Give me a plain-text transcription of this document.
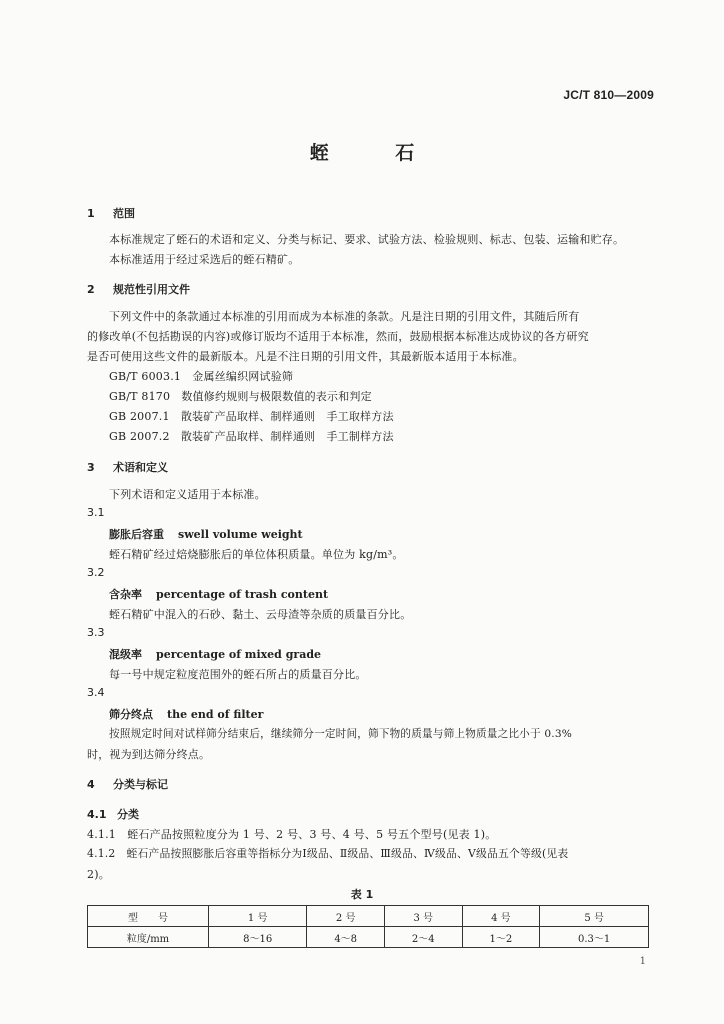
JC/T 810—2009
蛭 石
1 范围
本标准规定了蛭石的术语和定义、分类与标记、要求、试验方法、检验规则、标志、包装、运输和贮存。
本标准适用于经过采选后的蛭石精矿。
2 规范性引用文件
下列文件中的条款通过本标准的引用而成为本标准的条款。凡是注日期的引用文件，其随后所有
的修改单(不包括勘误的内容)或修订版均不适用于本标准，然而，鼓励根据本标准达成协议的各方研究
是否可使用这些文件的最新版本。凡是不注日期的引用文件，其最新版本适用于本标准。
GB/T 6003.1　金属丝编织网试验筛
GB/T 8170　数值修约规则与极限数值的表示和判定
GB 2007.1　散装矿产品取样、制样通则　手工取样方法
GB 2007.2　散装矿产品取样、制样通则　手工制样方法
3 术语和定义
下列术语和定义适用于本标准。
3.1
膨胀后容重 swell volume weight
蛭石精矿经过焙烧膨胀后的单位体积质量。单位为 kg/m³。
3.2
含杂率 percentage of trash content
蛭石精矿中混入的石砂、黏土、云母渣等杂质的质量百分比。
3.3
混级率 percentage of mixed grade
每一号中规定粒度范围外的蛭石所占的质量百分比。
3.4
筛分终点 the end of filter
按照规定时间对试样筛分结束后，继续筛分一定时间，筛下物的质量与筛上物质量之比小于 0.3%
时，视为到达筛分终点。
4 分类与标记
4.1 分类
4.1.1　蛭石产品按照粒度分为 1 号、2 号、3 号、4 号、5 号五个型号(见表 1)。
4.1.2　蛭石产品按照膨胀后容重等指标分为Ⅰ级品、Ⅱ级品、Ⅲ级品、Ⅳ级品、Ⅴ级品五个等级(见表
2)。
表 1
型　　号	1 号	2 号	3 号	4 号	5 号
粒度/mm	8～16	4～8	2～4	1～2	0.3～1
1
